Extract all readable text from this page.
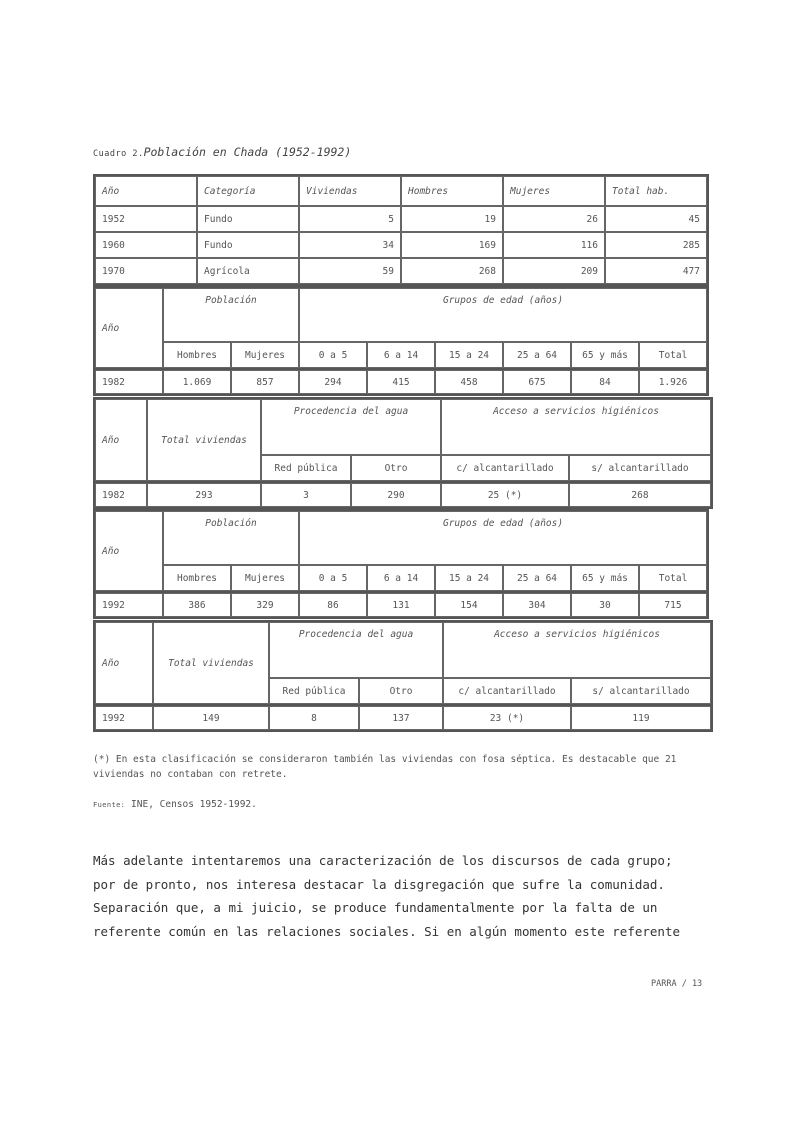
Cuadro 2.Población en Chada (1952-1992)
Año	Categoría	Viviendas	Hombres	Mujeres	Total hab.
1952	Fundo	5	19	26	45
1960	Fundo	34	169	116	285
1970	Agrícola	59	268	209	477
Año	Población		Grupos de edad (años)					
	Hombres	Mujeres	0 a 5	6 a 14	15 a 24	25 a 64	65 y más	Total
1982	1.069	857	294	415	458	675	84	1.926
Año	Total viviendas	Procedencia del agua		Acceso a servicios higiénicos	
		Red pública	Otro	c/ alcantarillado	s/ alcantarillado
1982	293	3	290	25 (*)	268
Año	Población		Grupos de edad (años)					
	Hombres	Mujeres	0 a 5	6 a 14	15 a 24	25 a 64	65 y más	Total
1992	386	329	86	131	154	304	30	715
Año	Total viviendas	Procedencia del agua		Acceso a servicios higiénicos	
		Red pública	Otro	c/ alcantarillado	s/ alcantarillado
1992	149	8	137	23 (*)	119
(*) En esta clasificación se consideraron también las viviendas con fosa séptica. Es destacable que 21 viviendas no contaban con retrete.
Fuente: INE, Censos 1952-1992.
Más adelante intentaremos una caracterización de los discursos de cada grupo;
por de pronto, nos interesa destacar la disgregación que sufre la comunidad.
Separación que, a mi juicio, se produce fundamentalmente por la falta de un
referente común en las relaciones sociales. Si en algún momento este referente
PARRA / 13
